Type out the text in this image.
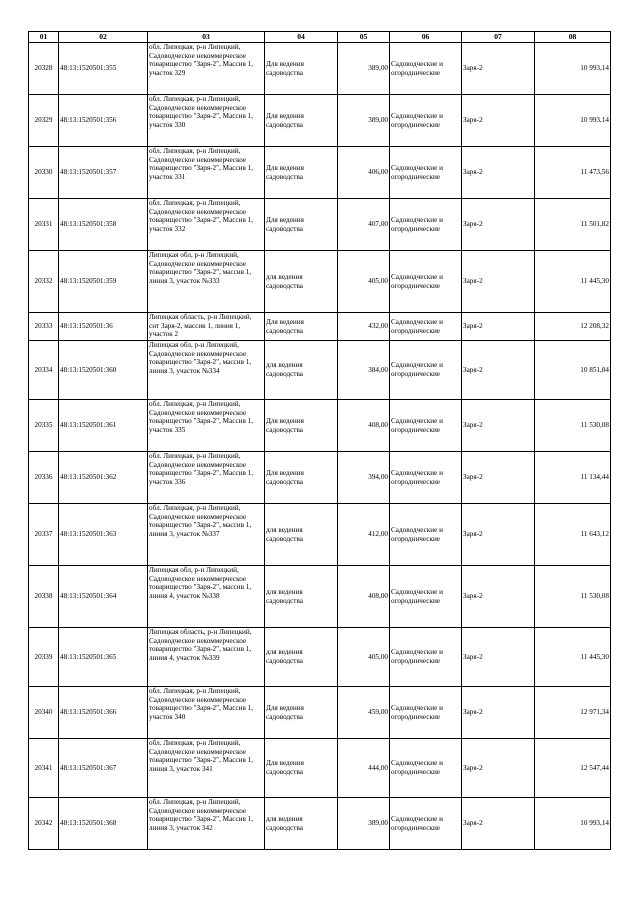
01	02	03	04	05	06	07	08
20328	48:13:1520501:355	обл. Липецкая, р-н Липецкий, Садоводческое некоммерческое товарищество "Заря-2", Массив 1, участок 329	Для ведения садоводства	389,00	Садоводческие и огороднические	Заря-2	10 993,14
20329	48:13:1520501:356	обл. Липецкая, р-н Липецкий, Садоводческое некоммерческое товарищество "Заря-2", Массив 1, участок 330	Для ведения садоводства	389,00	Садоводческие и огороднические	Заря-2	10 993,14
20330	48:13:1520501:357	обл. Липецкая, р-н Липецкий, Садоводческое некоммерческое товарищество "Заря-2", Массив 1, участок 331	Для ведения садоводства	406,00	Садоводческие и огороднические	Заря-2	11 473,56
20331	48:13:1520501:358	обл. Липецкая, р-н Липецкий, Садоводческое некоммерческое товарищество "Заря-2", Массив 1, участок 332	Для ведения садоводства	407,00	Садоводческие и огороднические	Заря-2	11 501,82
20332	48:13:1520501:359	Липецкая обл, р-н Липецкий, Садоводческое некоммерческое товарищество "Заря-2", массив 1, линия 3, участок №333	для ведения садоводства	405,00	Садоводческие и огороднические	Заря-2	11 445,30
20333	48:13:1520501:36	Липецкая область, р-н Липецкий, снт Заря-2, массив 1, линия 1, участок 2	Для ведения садоводства	432,00	Садоводческие и огороднические	Заря-2	12 208,32
20334	48:13:1520501:360	Липецкая обл, р-н Липецкий, Садоводческое некоммерческое товарищество "Заря-2", массив 1, линия 3, участок №334	для ведения садоводства	384,00	Садоводческие и огороднические	Заря-2	10 851,84
20335	48:13:1520501:361	обл. Липецкая, р-н Липецкий, Садоводческое некоммерческое товарищество "Заря-2", Массив 1, участок 335	Для ведения садоводства	408,00	Садоводческие и огороднические	Заря-2	11 530,08
20336	48:13:1520501:362	обл. Липецкая, р-н Липецкий, Садоводческое некоммерческое товарищество "Заря-2", Массив 1, участок 336	Для ведения садоводства	394,00	Садоводческие и огороднические	Заря-2	11 134,44
20337	48:13:1520501:363	обл. Липецкая, р-н Липецкий, Садоводческое некоммерческое товарищество "Заря-2", массив 1, линия 3, участок №337	для ведения садоводства	412,00	Садоводческие и огороднические	Заря-2	11 643,12
20338	48:13:1520501:364	Липецкая обл, р-н Липецкий, Садоводческое некоммерческое товарищество "Заря-2", массив 1, линия 4, участок №338	для ведения садоводства	408,00	Садоводческие и огороднические	Заря-2	11 530,08
20339	48:13:1520501:365	Липецкая область, р-н Липецкий, Садоводческое некоммерческое товарищество "Заря-2", массив 1, линия 4, участок №339	для ведения садоводства	405,00	Садоводческие и огороднические	Заря-2	11 445,30
20340	48:13:1520501:366	обл. Липецкая, р-н Липецкий, Садоводческое некоммерческое товарищество "Заря-2", Массив 1, участок 340	Для ведения садоводства	459,00	Садоводческие и огороднические	Заря-2	12 971,34
20341	48:13:1520501:367	обл. Липецкая, р-н Липецкий, Садоводческое некоммерческое товарищество "Заря-2", Массив 1, линия 3, участок 341	Для ведения садоводства	444,00	Садоводческие и огороднические	Заря-2	12 547,44
20342	48:13:1520501:368	обл. Липецкая, р-н Липецкий, Садоводческое некоммерческое товарищество "Заря-2", Массив 1, линия 3, участок 342	для ведения садоводства	389,00	Садоводческие и огороднические	Заря-2	10 993,14
